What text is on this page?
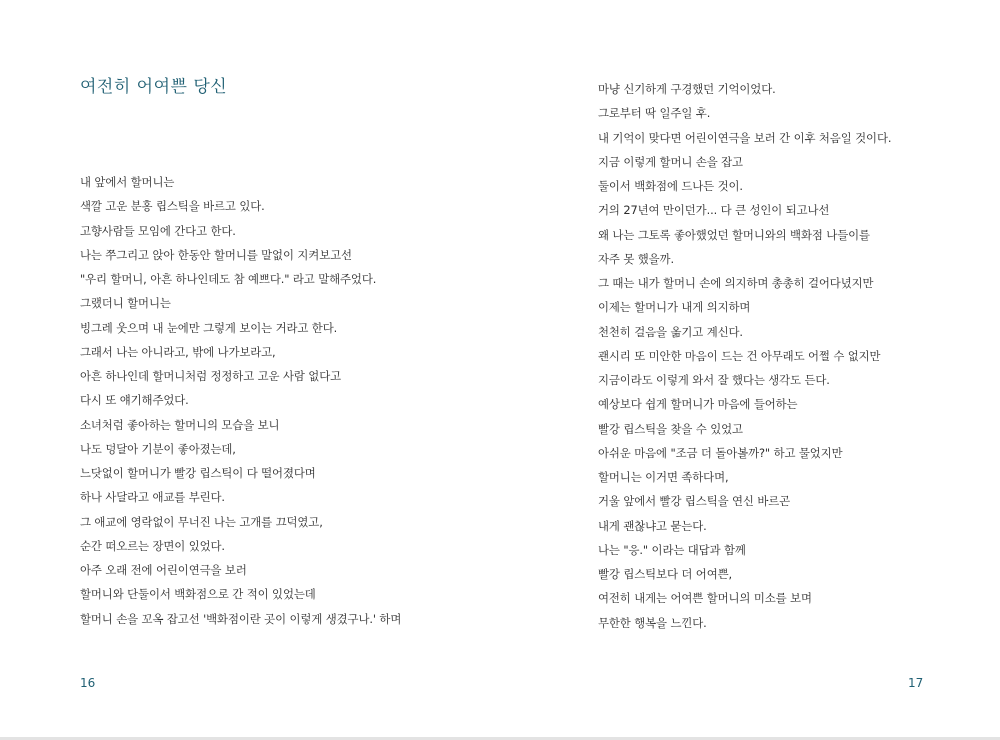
여전히 어여쁜 당신
내 앞에서 할머니는
색깔 고운 분홍 립스틱을 바르고 있다.
고향사람들 모임에 간다고 한다.
나는 쭈그리고 앉아 한동안 할머니를 말없이 지켜보고선
"우리 할머니, 아흔 하나인데도 참 예쁘다." 라고 말해주었다.
그랬더니 할머니는
빙그레 웃으며 내 눈에만 그렇게 보이는 거라고 한다.
그래서 나는 아니라고, 밖에 나가보라고,
아흔 하나인데 할머니처럼 정정하고 고운 사람 없다고
다시 또 얘기해주었다.
소녀처럼 좋아하는 할머니의 모습을 보니
나도 덩달아 기분이 좋아졌는데,
느닷없이 할머니가 빨강 립스틱이 다 떨어졌다며
하나 사달라고 애교를 부린다.
그 애교에 영락없이 무너진 나는 고개를 끄덕였고,
순간 떠오르는 장면이 있었다.
아주 오래 전에 어린이연극을 보러
할머니와 단둘이서 백화점으로 간 적이 있었는데
할머니 손을 꼬옥 잡고선 '백화점이란 곳이 이렇게 생겼구나.' 하며
16
마냥 신기하게 구경했던 기억이었다.
그로부터 딱 일주일 후.
내 기억이 맞다면 어린이연극을 보러 간 이후 처음일 것이다.
지금 이렇게 할머니 손을 잡고
둘이서 백화점에 드나든 것이.
거의 27년여 만이던가... 다 큰 성인이 되고나선
왜 나는 그토록 좋아했었던 할머니와의 백화점 나들이를
자주 못 했을까.
그 때는 내가 할머니 손에 의지하며 총총히 걸어다녔지만
이제는 할머니가 내게 의지하며
천천히 걸음을 옮기고 계신다.
괜시리 또 미안한 마음이 드는 건 아무래도 어쩔 수 없지만
지금이라도 이렇게 와서 잘 했다는 생각도 든다.
예상보다 쉽게 할머니가 마음에 들어하는
빨강 립스틱을 찾을 수 있었고
아쉬운 마음에 "조금 더 돌아볼까?" 하고 물었지만
할머니는 이거면 족하다며,
거울 앞에서 빨강 립스틱을 연신 바르곤
내게 괜찮냐고 묻는다.
나는 "응." 이라는 대답과 함께
빨강 립스틱보다 더 어여쁜,
여전히 내게는 어여쁜 할머니의 미소를 보며
무한한 행복을 느낀다.
17
